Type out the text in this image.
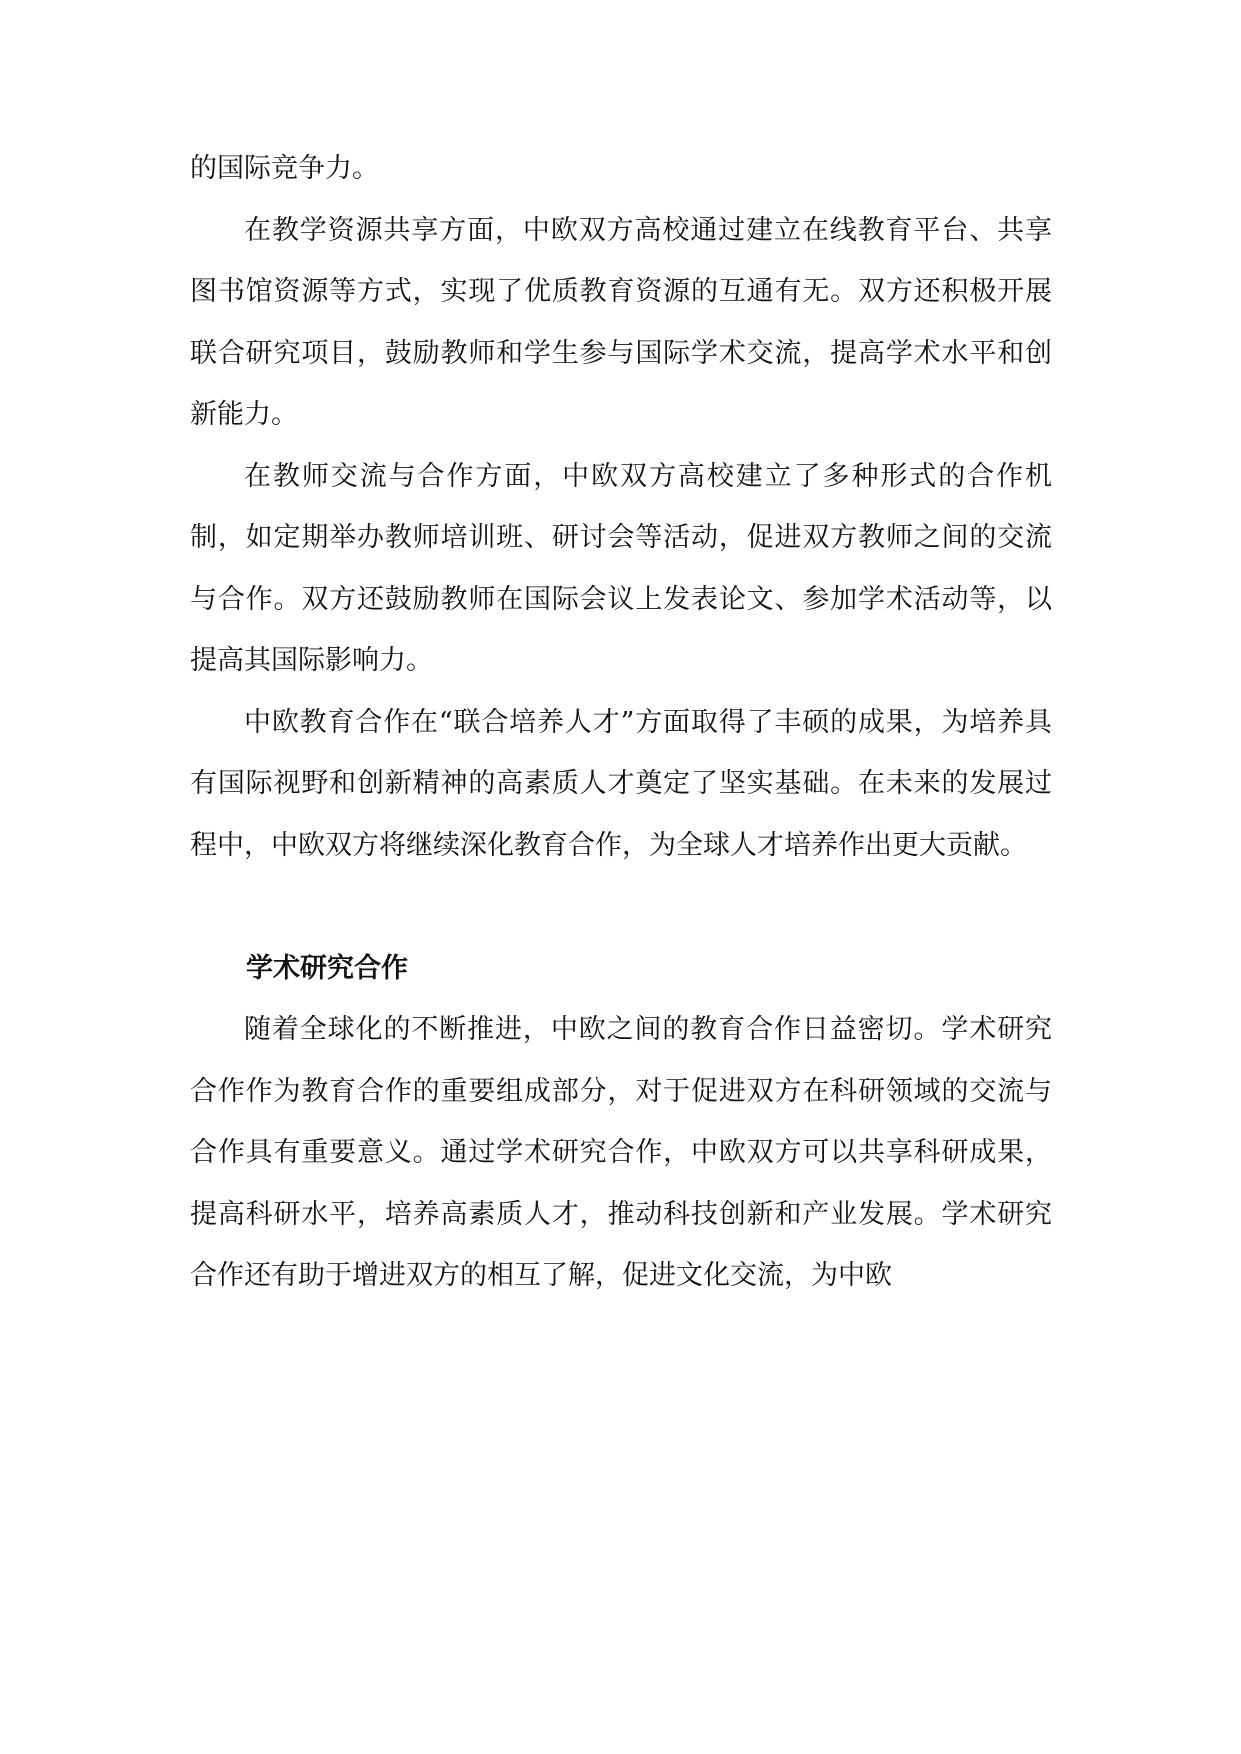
的国际竞争力。

在教学资源共享方面，中欧双方高校通过建立在线教育平台、共享图书馆资源等方式，实现了优质教育资源的互通有无。双方还积极开展联合研究项目，鼓励教师和学生参与国际学术交流，提高学术水平和创新能力。

在教师交流与合作方面，中欧双方高校建立了多种形式的合作机制，如定期举办教师培训班、研讨会等活动，促进双方教师之间的交流与合作。双方还鼓励教师在国际会议上发表论文、参加学术活动等，以提高其国际影响力。

中欧教育合作在“联合培养人才”方面取得了丰硕的成果，为培养具有国际视野和创新精神的高素质人才奠定了坚实基础。在未来的发展过程中，中欧双方将继续深化教育合作，为全球人才培养作出更大贡献。

学术研究合作

随着全球化的不断推进，中欧之间的教育合作日益密切。学术研究合作作为教育合作的重要组成部分，对于促进双方在科研领域的交流与合作具有重要意义。通过学术研究合作，中欧双方可以共享科研成果，提高科研水平，培养高素质人才，推动科技创新和产业发展。学术研究合作还有助于增进双方的相互了解，促进文化交流，为中欧
